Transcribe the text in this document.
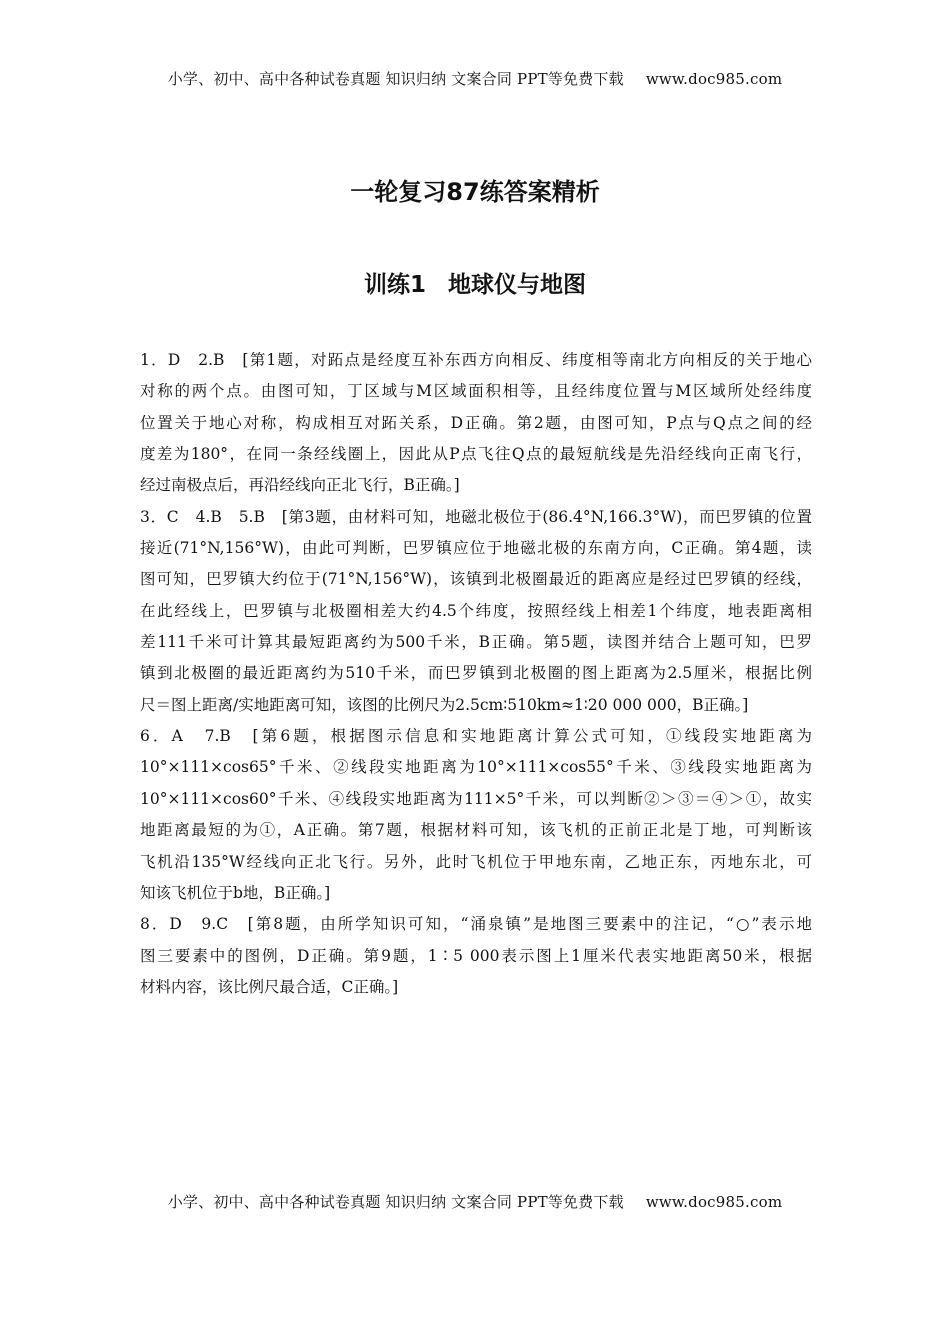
小学、初中、高中各种试卷真题 知识归纳 文案合同 PPT等免费下载 www.doc985.com
一轮复习87练答案精析
训练1 地球仪与地图
1．D　2.B　[第1题，对跖点是经度互补东西方向相反、纬度相等南北方向相反的关于地心
对称的两个点。由图可知，丁区域与M区域面积相等，且经纬度位置与M区域所处经纬度
位置关于地心对称，构成相互对跖关系，D正确。第2题，由图可知，P点与Q点之间的经
度差为180°，在同一条经线圈上，因此从P点飞往Q点的最短航线是先沿经线向正南飞行，
经过南极点后，再沿经线向正北飞行，B正确。]
3．C　4.B　5.B　[第3题，由材料可知，地磁北极位于(86.4°N,166.3°W)，而巴罗镇的位置
接近(71°N,156°W)，由此可判断，巴罗镇应位于地磁北极的东南方向，C正确。第4题，读
图可知，巴罗镇大约位于(71°N,156°W)，该镇到北极圈最近的距离应是经过巴罗镇的经线，
在此经线上，巴罗镇与北极圈相差大约4.5个纬度，按照经线上相差1个纬度，地表距离相
差111千米可计算其最短距离约为500千米，B正确。第5题，读图并结合上题可知，巴罗
镇到北极圈的最近距离约为510千米，而巴罗镇到北极圈的图上距离为2.5厘米，根据比例
尺＝图上距离/实地距离可知，该图的比例尺为2.5cm∶510km≈1∶20 000 000，B正确。]
6．A　7.B　[第6题，根据图示信息和实地距离计算公式可知，①线段实地距离为
10°×111×cos65°千米、②线段实地距离为10°×111×cos55°千米、③线段实地距离为
10°×111×cos60°千米、④线段实地距离为111×5°千米，可以判断②＞③＝④＞①，故实
地距离最短的为①，A正确。第7题，根据材料可知，该飞机的正前正北是丁地，可判断该
飞机沿135°W经线向正北飞行。另外，此时飞机位于甲地东南，乙地正东，丙地东北，可
知该飞机位于b地，B正确。]
8．D　9.C　[第8题，由所学知识可知，“涌泉镇”是地图三要素中的注记，“○”表示地
图三要素中的图例，D正确。第9题，1∶5 000表示图上1厘米代表实地距离50米，根据
材料内容，该比例尺最合适，C正确。]
小学、初中、高中各种试卷真题 知识归纳 文案合同 PPT等免费下载 www.doc985.com
